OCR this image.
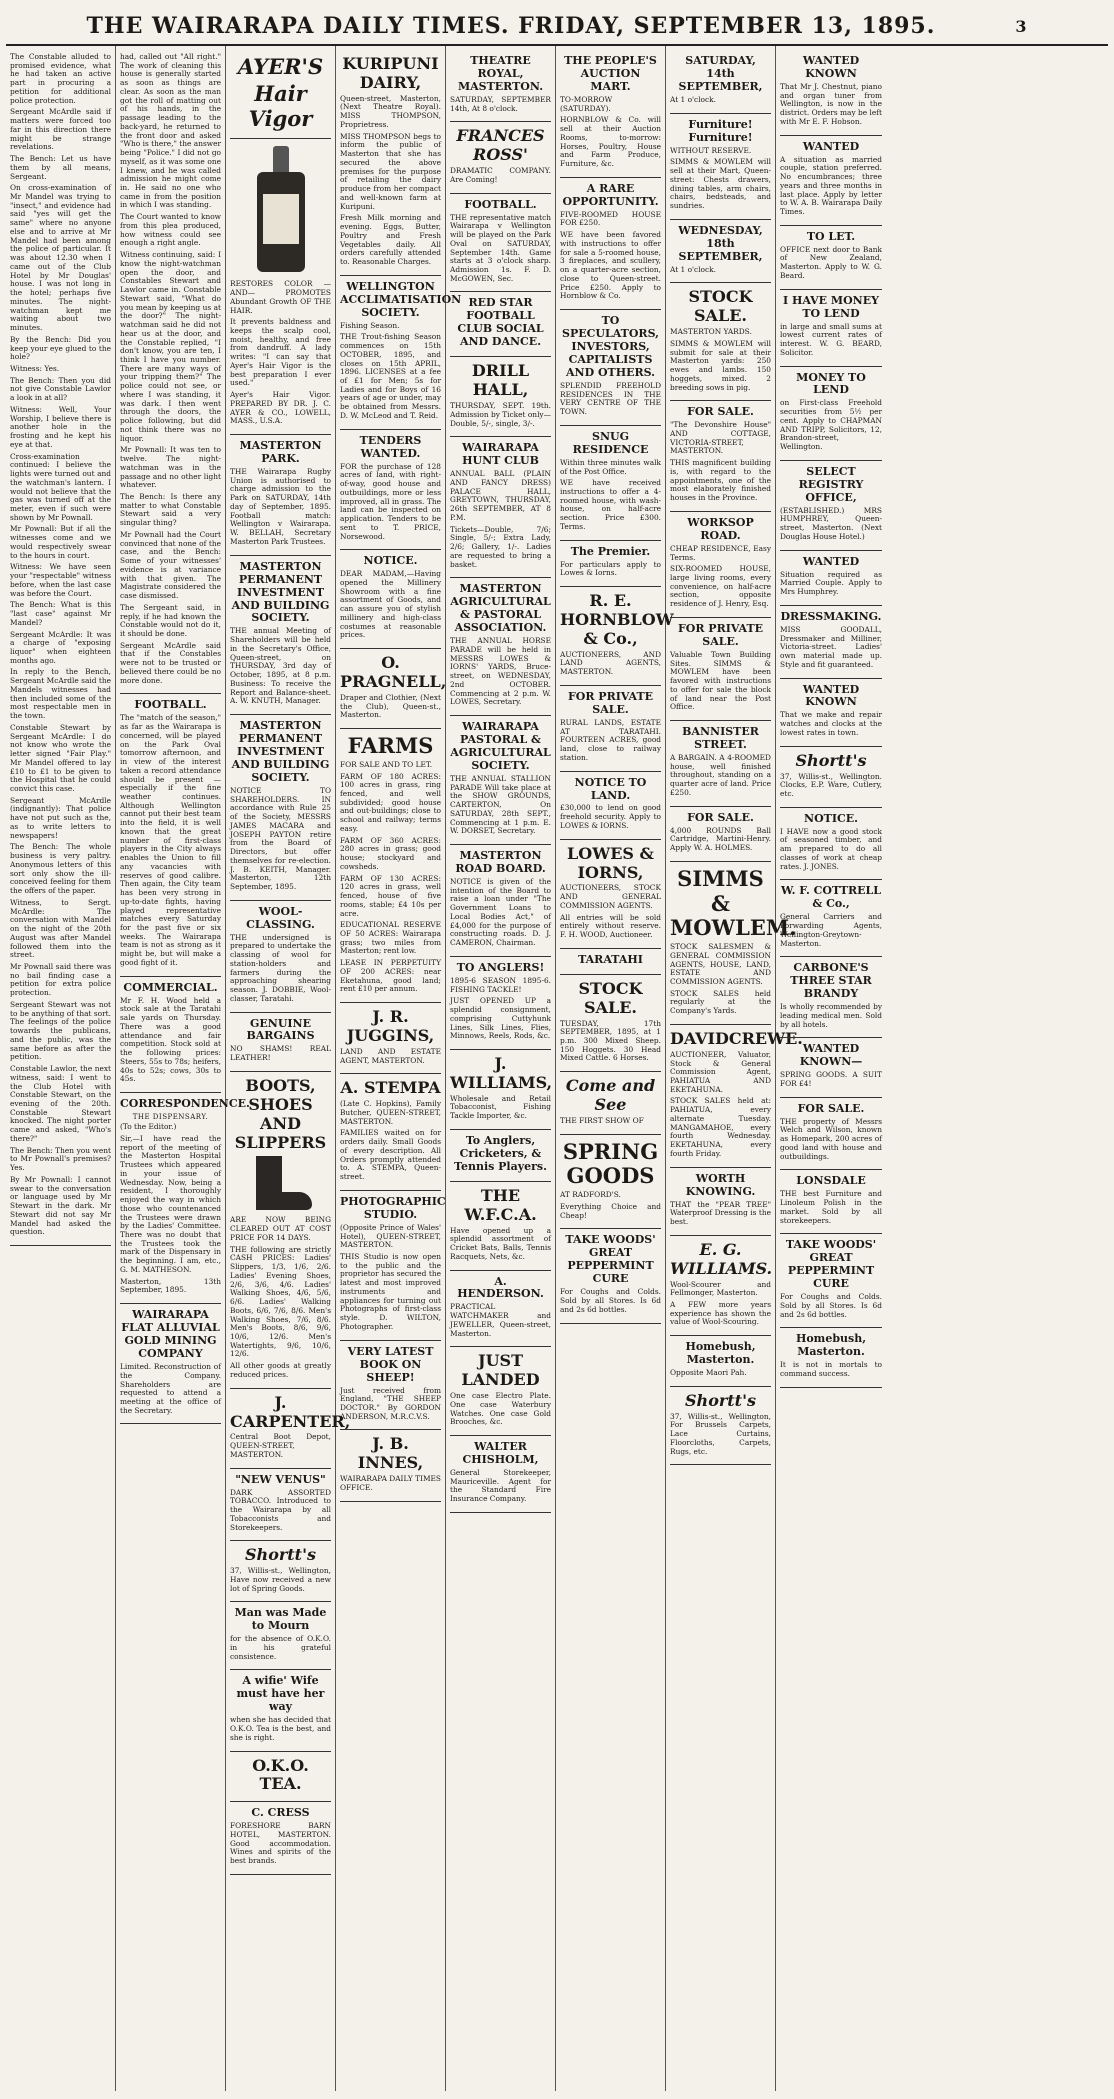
THE WAIRARAPA DAILY TIMES. FRIDAY, SEPTEMBER 13, 1895.	3

The Constable alluded to promised evidence, what he had taken an active part in procuring a petition for additional police protection.

Sergeant McArdle said if matters were forced too far in this direction there might be strange revelations.

The Bench: Let us have them by all means, Sergeant.

On cross-examination of Mr Mandel was trying to "insect," and evidence had said "yes will get the same" where no anyone else and to arrive at Mr Mandel had been among the police of particular. It was about 12.30 when I came out of the Club Hotel by Mr Douglas' house. I was not long in the hotel; perhaps five minutes. The night-watchman kept me waiting about two minutes.

By the Bench: Did you keep your eye glued to the hole?

Witness: Yes.

The Bench: Then you did not give Constable Lawlor a look in at all?

Witness: Well, Your Worship, I believe there is another hole in the frosting and he kept his eye at that.

Cross-examination continued: I believe the lights were turned out and the watchman's lantern. I would not believe that the gas was turned off at the meter, even if such were shown by Mr Pownall.

Mr Pownall: But if all the witnesses come and we would respectively swear to the hours in court.

Witness: We have seen your "respectable" witness before, when the last case was before the Court.

The Bench: What is this "last case" against Mr Mandel?

Sergeant McArdle: It was a charge of "exposing liquor" when eighteen months ago.

In reply to the Bench, Sergeant McArdle said the Mandels witnesses had then included some of the most respectable men in the town.

Constable Stewart by Sergeant McArdle: I do not know who wrote the letter signed "Fair Play." Mr Mandel offered to lay £10 to £1 to be given to the Hospital that he could convict this case.

Sergeant McArdle (indignantly): That police have not put such as the, as to write letters to newspapers!

The Bench: The whole business is very paltry. Anonymous letters of this sort only show the ill-conceived feeling for them the offers of the paper.

Witness, to Sergt. McArdle: The conversation with Mandel on the night of the 20th August was after Mandel followed them into the street.

Mr Pownall said there was no bail finding case a petition for extra police protection.

Sergeant Stewart was not to be anything of that sort. The feelings of the police towards the publicans, and the public, was the same before as after the petition.

Constable Lawlor, the next witness, said: I went to the Club Hotel with Constable Stewart, on the evening of the 20th. Constable Stewart knocked. The night porter came and asked, "Who's there?"

The Bench: Then you went to Mr Pownall's premises? Yes.

By Mr Pownall: I cannot swear to the conversation or language used by Mr Stewart in the dark. Mr Stewart did not say Mr Mandel had asked the question.

had, called out "All right." The work of cleaning this house is generally started as soon as things are clear. As soon as the man got the roll of matting out of his hands, in the passage leading to the back-yard, he returned to the front door and asked "Who is there," the answer being "Police." I did not go myself, as it was some one I knew, and he was called admission he might come in. He said no one who came in from the position in which I was standing.

The Court wanted to know from this plea produced, how witness could see enough a right angle.

Witness continuing, said: I know the night-watchman open the door, and Constables Stewart and Lawlor came in. Constable Stewart said, "What do you mean by keeping us at the door?" The night-watchman said he did not hear us at the door, and the Constable replied, "I don't know, you are ten, I think I have you number. There are many ways of your tripping them?" The police could not see, or where I was standing, it was dark. I then went through the doors, the police following, but did not think there was no liquor.

Mr Pownall: It was ten to twelve. The night-watchman was in the passage and no other light whatever.

The Bench: Is there any matter to what Constable Stewart said a very singular thing?

Mr Pownall had the Court convinced that none of the case, and the Bench: Some of your witnesses' evidence is at variance with that given. The Magistrate considered the case dismissed.

The Sergeant said, in reply, if he had known the Constable would not do it, it should be done.

Sergeant McArdle said that if the Constables were not to be trusted or believed there could be no more done.

FOOTBALL.

The "match of the season," as far as the Wairarapa is concerned, will be played on the Park Oval tomorrow afternoon, and in view of the interest taken a record attendance should be present — especially if the fine weather continues. Although Wellington cannot put their best team into the field, it is well known that the great number of first-class players in the City always enables the Union to fill any vacancies with reserves of good calibre. Then again, the City team has been very strong in up-to-date fights, having played representative matches every Saturday for the past five or six weeks. The Wairarapa team is not as strong as it might be, but will make a good fight of it.

COMMERCIAL.

Mr F. H. Wood held a stock sale at the Taratahi sale yards on Thursday. There was a good attendance and fair competition. Stock sold at the following prices: Steers, 55s to 78s; heifers, 40s to 52s; cows, 30s to 45s.

CORRESPONDENCE.
THE DISPENSARY.

(To the Editor.)

Sir,—I have read the report of the meeting of the Masterton Hospital Trustees which appeared in your issue of Wednesday. Now, being a resident, I thoroughly enjoyed the way in which those who countenanced the Trustees were drawn by the Ladies' Committee. There was no doubt that the Trustees took the mark of the Dispensary in the beginning. I am, etc., G. M. MATHESON.

Masterton, 13th September, 1895.

WAIRARAPA FLAT ALLUVIAL GOLD MINING COMPANY

Limited. Reconstruction of the Company. Shareholders are requested to attend a meeting at the office of the Secretary.

AYER'S
Hair Vigor

RESTORES COLOR —AND— PROMOTES Abundant Growth OF THE HAIR.

It prevents baldness and keeps the scalp cool, moist, healthy, and free from dandruff. A lady writes: "I can say that Ayer's Hair Vigor is the best preparation I ever used."

Ayer's Hair Vigor. PREPARED BY DR. J. C. AYER & CO., LOWELL, MASS., U.S.A.

MASTERTON PARK.

THE Wairarapa Rugby Union is authorised to charge admission to the Park on SATURDAY, 14th day of September, 1895. Football match: Wellington v Wairarapa. W. BELLAH, Secretary Masterton Park Trustees.

MASTERTON PERMANENT INVESTMENT AND BUILDING SOCIETY.

THE annual Meeting of Shareholders will be held in the Secretary's Office, Queen-street, on THURSDAY, 3rd day of October, 1895, at 8 p.m. Business: To receive the Report and Balance-sheet. A. W. KNUTH, Manager.

MASTERTON PERMANENT INVESTMENT AND BUILDING SOCIETY.

NOTICE TO SHAREHOLDERS. IN accordance with Rule 25 of the Society, MESSRS JAMES MACARA and JOSEPH PAYTON retire from the Board of Directors, but offer themselves for re-election. J. B. KEITH, Manager. Masterton, 12th September, 1895.

WOOL-CLASSING.

THE undersigned is prepared to undertake the classing of wool for station-holders and farmers during the approaching shearing season. J. DOBBIE, Wool-classer, Taratahi.

GENUINE BARGAINS

NO SHAMS! REAL LEATHER!

BOOTS, SHOES AND SLIPPERS

ARE NOW BEING CLEARED OUT AT COST PRICE FOR 14 DAYS.

THE following are strictly CASH PRICES: Ladies' Slippers, 1/3, 1/6, 2/6. Ladies' Evening Shoes, 2/6, 3/6, 4/6. Ladies' Walking Shoes, 4/6, 5/6, 6/6. Ladies' Walking Boots, 6/6, 7/6, 8/6. Men's Walking Shoes, 7/6, 8/6. Men's Boots, 8/6, 9/6, 10/6, 12/6. Men's Watertights, 9/6, 10/6, 12/6.

All other goods at greatly reduced prices.

J. CARPENTER,

Central Boot Depot, QUEEN-STREET, MASTERTON.

"NEW VENUS"

DARK ASSORTED TOBACCO. Introduced to the Wairarapa by all Tobacconists and Storekeepers.

Shortt's

37, Willis-st., Wellington, Have now received a new lot of Spring Goods.

Man was Made to Mourn

for the absence of O.K.O. in his grateful consistence.

A wifie' Wife must have her way

when she has decided that O.K.O. Tea is the best, and she is right.

O.K.O. TEA.
C. CRESS

FORESHORE BARN HOTEL, MASTERTON. Good accommodation. Wines and spirits of the best brands.

KURIPUNI DAIRY,

Queen-street, Masterton, (Next Theatre Royal). MISS THOMPSON, Proprietress.

MISS THOMPSON begs to inform the public of Masterton that she has secured the above premises for the purpose of retailing the dairy produce from her compact and well-known farm at Kuripuni.

Fresh Milk morning and evening. Eggs, Butter, Poultry and Fresh Vegetables daily. All orders carefully attended to. Reasonable Charges.

WELLINGTON ACCLIMATISATION SOCIETY.

Fishing Season.

THE Trout-fishing Season commences on 15th OCTOBER, 1895, and closes on 15th APRIL, 1896. LICENSES at a fee of £1 for Men; 5s for Ladies and for Boys of 16 years of age or under, may be obtained from Messrs. D. W. McLeod and T. Reid.

TENDERS WANTED.

FOR the purchase of 128 acres of land, with right-of-way, good house and outbuildings, more or less improved, all in grass. The land can be inspected on application. Tenders to be sent to T. PRICE, Norsewood.

NOTICE.

DEAR MADAM,—Having opened the Millinery Showroom with a fine assortment of Goods, and can assure you of stylish millinery and high-class costumes at reasonable prices.

O. PRAGNELL,

Draper and Clothier, (Next the Club), Queen-st., Masterton.

FARMS

FOR SALE AND TO LET.

FARM OF 180 ACRES: 100 acres in grass, ring fenced, and well subdivided; good house and out-buildings; close to school and railway; terms easy.

FARM OF 360 ACRES: 280 acres in grass; good house; stockyard and cowsheds.

FARM OF 130 ACRES: 120 acres in grass, well fenced, house of five rooms, stable; £4 10s per acre.

EDUCATIONAL RESERVE OF 50 ACRES: Wairarapa grass; two miles from Masterton; rent low.

LEASE IN PERPETUITY OF 200 ACRES: near Eketahuna, good land; rent £10 per annum.

J. R. JUGGINS,

LAND AND ESTATE AGENT, MASTERTON.

A. STEMPA

(Late C. Hopkins), Family Butcher, QUEEN-STREET, MASTERTON.

FAMILIES waited on for orders daily. Small Goods of every description. All Orders promptly attended to. A. STEMPA, Queen-street.

PHOTOGRAPHIC STUDIO.

(Opposite Prince of Wales' Hotel), QUEEN-STREET, MASTERTON.

THIS Studio is now open to the public and the proprietor has secured the latest and most improved instruments and appliances for turning out Photographs of first-class style. D. WILTON, Photographer.

VERY LATEST BOOK ON SHEEP!

Just received from England, "THE SHEEP DOCTOR." By GORDON ANDERSON, M.R.C.V.S.

J. B. INNES,

WAIRARAPA DAILY TIMES OFFICE.

THEATRE ROYAL, MASTERTON.

SATURDAY, SEPTEMBER 14th, At 8 o'clock.

FRANCES ROSS'

DRAMATIC COMPANY. Are Coming!

FOOTBALL.

THE representative match Wairarapa v Wellington will be played on the Park Oval on SATURDAY, September 14th. Game starts at 3 o'clock sharp. Admission 1s. F. D. McGOWEN, Sec.

RED STAR FOOTBALL CLUB SOCIAL AND DANCE.
DRILL HALL,

THURSDAY, SEPT. 19th. Admission by Ticket only—Double, 5/-, single, 3/-.

WAIRARAPA HUNT CLUB

ANNUAL BALL (PLAIN AND FANCY DRESS) PALACE HALL, GREYTOWN, THURSDAY, 26th SEPTEMBER, AT 8 P.M.

Tickets—Double, 7/6; Single, 5/-; Extra Lady, 2/6; Gallery, 1/-. Ladies are requested to bring a basket.

MASTERTON AGRICULTURAL & PASTORAL ASSOCIATION.

THE ANNUAL HORSE PARADE will be held in MESSRS LOWES & IORNS' YARDS, Bruce-street, on WEDNESDAY, 2nd OCTOBER. Commencing at 2 p.m. W. LOWES, Secretary.

WAIRARAPA PASTORAL & AGRICULTURAL SOCIETY.

THE ANNUAL STALLION PARADE Will take place at the SHOW GROUNDS, CARTERTON, On SATURDAY, 28th SEPT., Commencing at 1 p.m. E. W. DORSET, Secretary.

MASTERTON ROAD BOARD.

NOTICE is given of the intention of the Board to raise a loan under "The Government Loans to Local Bodies Act," of £4,000 for the purpose of constructing roads. D. J. CAMERON, Chairman.

TO ANGLERS!

1895-6 SEASON 1895-6. FISHING TACKLE!

JUST OPENED UP a splendid consignment, comprising Cuttyhunk Lines, Silk Lines, Flies, Minnows, Reels, Rods, &c.

J. WILLIAMS,

Wholesale and Retail Tobacconist, Fishing Tackle Importer, &c.

To Anglers, Cricketers, & Tennis Players.
THE W.F.C.A.

Have opened up a splendid assortment of Cricket Bats, Balls, Tennis Racquets, Nets, &c.

A. HENDERSON.

PRACTICAL WATCHMAKER and JEWELLER, Queen-street, Masterton.

JUST LANDED

One case Electro Plate. One case Waterbury Watches. One case Gold Brooches, &c.

WALTER CHISHOLM,

General Storekeeper, Mauriceville. Agent for the Standard Fire Insurance Company.

THE PEOPLE'S AUCTION MART.

TO-MORROW (SATURDAY).

HORNBLOW & Co. will sell at their Auction Rooms, to-morrow: Horses, Poultry, House and Farm Produce, Furniture, &c.

A RARE OPPORTUNITY.

FIVE-ROOMED HOUSE FOR £250.

WE have been favored with instructions to offer for sale a 5-roomed house, 3 fireplaces, and scullery, on a quarter-acre section, close to Queen-street. Price £250. Apply to Hornblow & Co.

TO SPECULATORS, INVESTORS, CAPITALISTS AND OTHERS.

SPLENDID FREEHOLD RESIDENCES IN THE VERY CENTRE OF THE TOWN.

SNUG RESIDENCE

Within three minutes walk of the Post Office.

WE have received instructions to offer a 4-roomed house, with wash-house, on half-acre section. Price £300. Terms.

The Premier.

For particulars apply to Lowes & Iorns.

R. E. HORNBLOW & Co.,

AUCTIONEERS, AND LAND AGENTS, MASTERTON.

FOR PRIVATE SALE.

RURAL LANDS, ESTATE AT TARATAHI. FOURTEEN ACRES, good land, close to railway station.

NOTICE TO LAND.

£30,000 to lend on good freehold security. Apply to LOWES & IORNS.

LOWES & IORNS,

AUCTIONEERS, STOCK AND GENERAL COMMISSION AGENTS.

All entries will be sold entirely without reserve. F. H. WOOD, Auctioneer.

TARATAHI
STOCK SALE.

TUESDAY, 17th SEPTEMBER, 1895, at 1 p.m. 300 Mixed Sheep. 150 Hoggets. 30 Head Mixed Cattle. 6 Horses.

Come and See

THE FIRST SHOW OF

SPRING GOODS

AT RADFORD'S.

Everything Choice and Cheap!

TAKE WOODS' GREAT PEPPERMINT CURE

For Coughs and Colds. Sold by all Stores. Is 6d and 2s 6d bottles.

SATURDAY, 14th SEPTEMBER,

At 1 o'clock.

Furniture! Furniture!

WITHOUT RESERVE.

SIMMS & MOWLEM will sell at their Mart, Queen-street: Chests drawers, dining tables, arm chairs, chairs, bedsteads, and sundries.

WEDNESDAY, 18th SEPTEMBER,

At 1 o'clock.

STOCK SALE.

MASTERTON YARDS.

SIMMS & MOWLEM will submit for sale at their Masterton yards: 250 ewes and lambs. 150 hoggets, mixed. 2 breeding sows in pig.

FOR SALE.

"The Devonshire House" AND COTTAGE, VICTORIA-STREET, MASTERTON.

THIS magnificent building is, with regard to the appointments, one of the most elaborately finished houses in the Province.

WORKSOP ROAD.

CHEAP RESIDENCE, Easy Terms.

SIX-ROOMED HOUSE, large living rooms, every convenience, on half-acre section, opposite residence of J. Henry, Esq.

FOR PRIVATE SALE.

Valuable Town Building Sites. SIMMS & MOWLEM have been favored with instructions to offer for sale the block of land near the Post Office.

BANNISTER STREET.

A BARGAIN. A 4-ROOMED house, well finished throughout, standing on a quarter acre of land. Price £250.

FOR SALE.

4,000 ROUNDS Ball Cartridge, Martini-Henry. Apply W. A. HOLMES.

SIMMS & MOWLEM.

STOCK SALESMEN & GENERAL COMMISSION AGENTS, HOUSE, LAND, ESTATE AND COMMISSION AGENTS.

STOCK SALES held regularly at the Company's Yards.

DAVIDCREWE.

AUCTIONEER, Valuator, Stock & General Commission Agent, PAHIATUA AND EKETAHUNA.

STOCK SALES held at: PAHIATUA, every alternate Tuesday. MANGAMAHOE, every fourth Wednesday. EKETAHUNA, every fourth Friday.

WORTH KNOWING.

THAT the "PEAR TREE" Waterproof Dressing is the best.

E. G. WILLIAMS.

Wool-Scourer and Fellmonger, Masterton.

A FEW more years experience has shown the value of Wool-Scouring.

Homebush, Masterton.

Opposite Maori Pah.

Shortt's

37, Willis-st., Wellington, For Brussels Carpets, Lace Curtains, Floorcloths, Carpets, Rugs, etc.

WANTED KNOWN

That Mr J. Chestnut, piano and organ tuner from Wellington, is now in the district. Orders may be left with Mr E. F. Hobson.

WANTED

A situation as married couple, station preferred. No encumbrances; three years and three months in last place. Apply by letter to W. A. B. Wairarapa Daily Times.

TO LET.

OFFICE next door to Bank of New Zealand, Masterton. Apply to W. G. Beard.

I HAVE MONEY TO LEND

in large and small sums at lowest current rates of interest. W. G. BEARD, Solicitor.

MONEY TO LEND

on First-class Freehold securities from 5½ per cent. Apply to CHAPMAN AND TRIPP, Solicitors, 12, Brandon-street, Wellington.

SELECT REGISTRY OFFICE,

(ESTABLISHED.) MRS HUMPHREY, Queen-street, Masterton. (Next Douglas House Hotel.)

WANTED

Situation required as Married Couple. Apply to Mrs Humphrey.

DRESSMAKING.

MISS GOODALL, Dressmaker and Milliner, Victoria-street. Ladies' own material made up. Style and fit guaranteed.

WANTED KNOWN

That we make and repair watches and clocks at the lowest rates in town.

Shortt's

37, Willis-st., Wellington. Clocks, E.P. Ware, Cutlery, etc.

NOTICE.

I HAVE now a good stock of seasoned timber, and am prepared to do all classes of work at cheap rates. J. JONES.

W. F. COTTRELL & Co.,

General Carriers and Forwarding Agents, Wellington-Greytown-Masterton.

CARBONE'S THREE STAR BRANDY

Is wholly recommended by leading medical men. Sold by all hotels.

WANTED KNOWN—

SPRING GOODS. A SUIT FOR £4!

FOR SALE.

THE property of Messrs Welch and Wilson, known as Homepark, 200 acres of good land with house and outbuildings.

LONSDALE

THE best Furniture and Linoleum Polish in the market. Sold by all storekeepers.

TAKE WOODS' GREAT PEPPERMINT CURE

For Coughs and Colds. Sold by all Stores. Is 6d and 2s 6d bottles.

Homebush, Masterton.

It is not in mortals to command success.
